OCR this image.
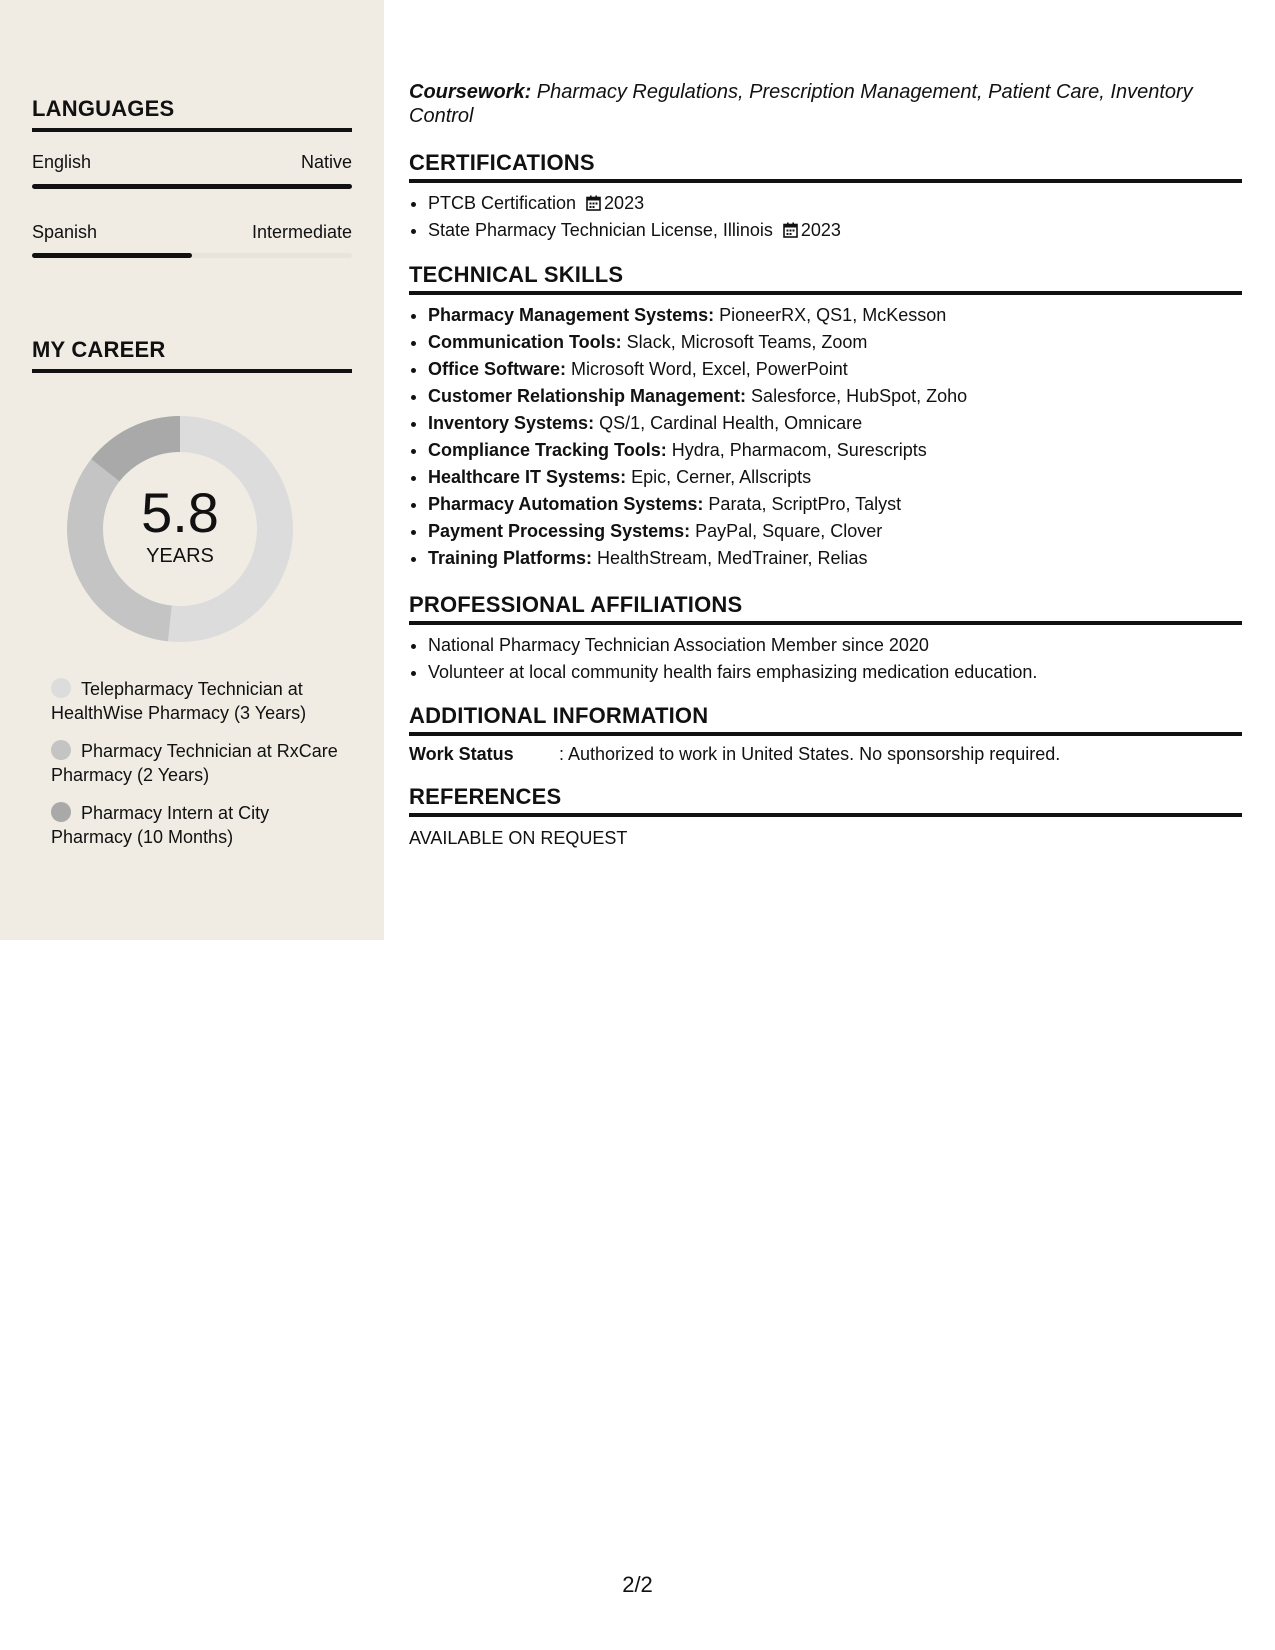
LANGUAGES
English	Native
Spanish	Intermediate
MY CAREER
5.8
YEARS
Telepharmacy Technician at HealthWise Pharmacy (3 Years)
Pharmacy Technician at RxCare Pharmacy (2 Years)
Pharmacy Intern at City Pharmacy (10 Months)
Coursework: Pharmacy Regulations, Prescription Management, Patient Care, Inventory Control
CERTIFICATIONS
• PTCB Certification 2023
• State Pharmacy Technician License, Illinois 2023
TECHNICAL SKILLS
• Pharmacy Management Systems: PioneerRX, QS1, McKesson
• Communication Tools: Slack, Microsoft Teams, Zoom
• Office Software: Microsoft Word, Excel, PowerPoint
• Customer Relationship Management: Salesforce, HubSpot, Zoho
• Inventory Systems: QS/1, Cardinal Health, Omnicare
• Compliance Tracking Tools: Hydra, Pharmacom, Surescripts
• Healthcare IT Systems: Epic, Cerner, Allscripts
• Pharmacy Automation Systems: Parata, ScriptPro, Talyst
• Payment Processing Systems: PayPal, Square, Clover
• Training Platforms: HealthStream, MedTrainer, Relias
PROFESSIONAL AFFILIATIONS
• National Pharmacy Technician Association Member since 2020
• Volunteer at local community health fairs emphasizing medication education.
ADDITIONAL INFORMATION
Work Status	: Authorized to work in United States. No sponsorship required.
REFERENCES
AVAILABLE ON REQUEST
2/2
